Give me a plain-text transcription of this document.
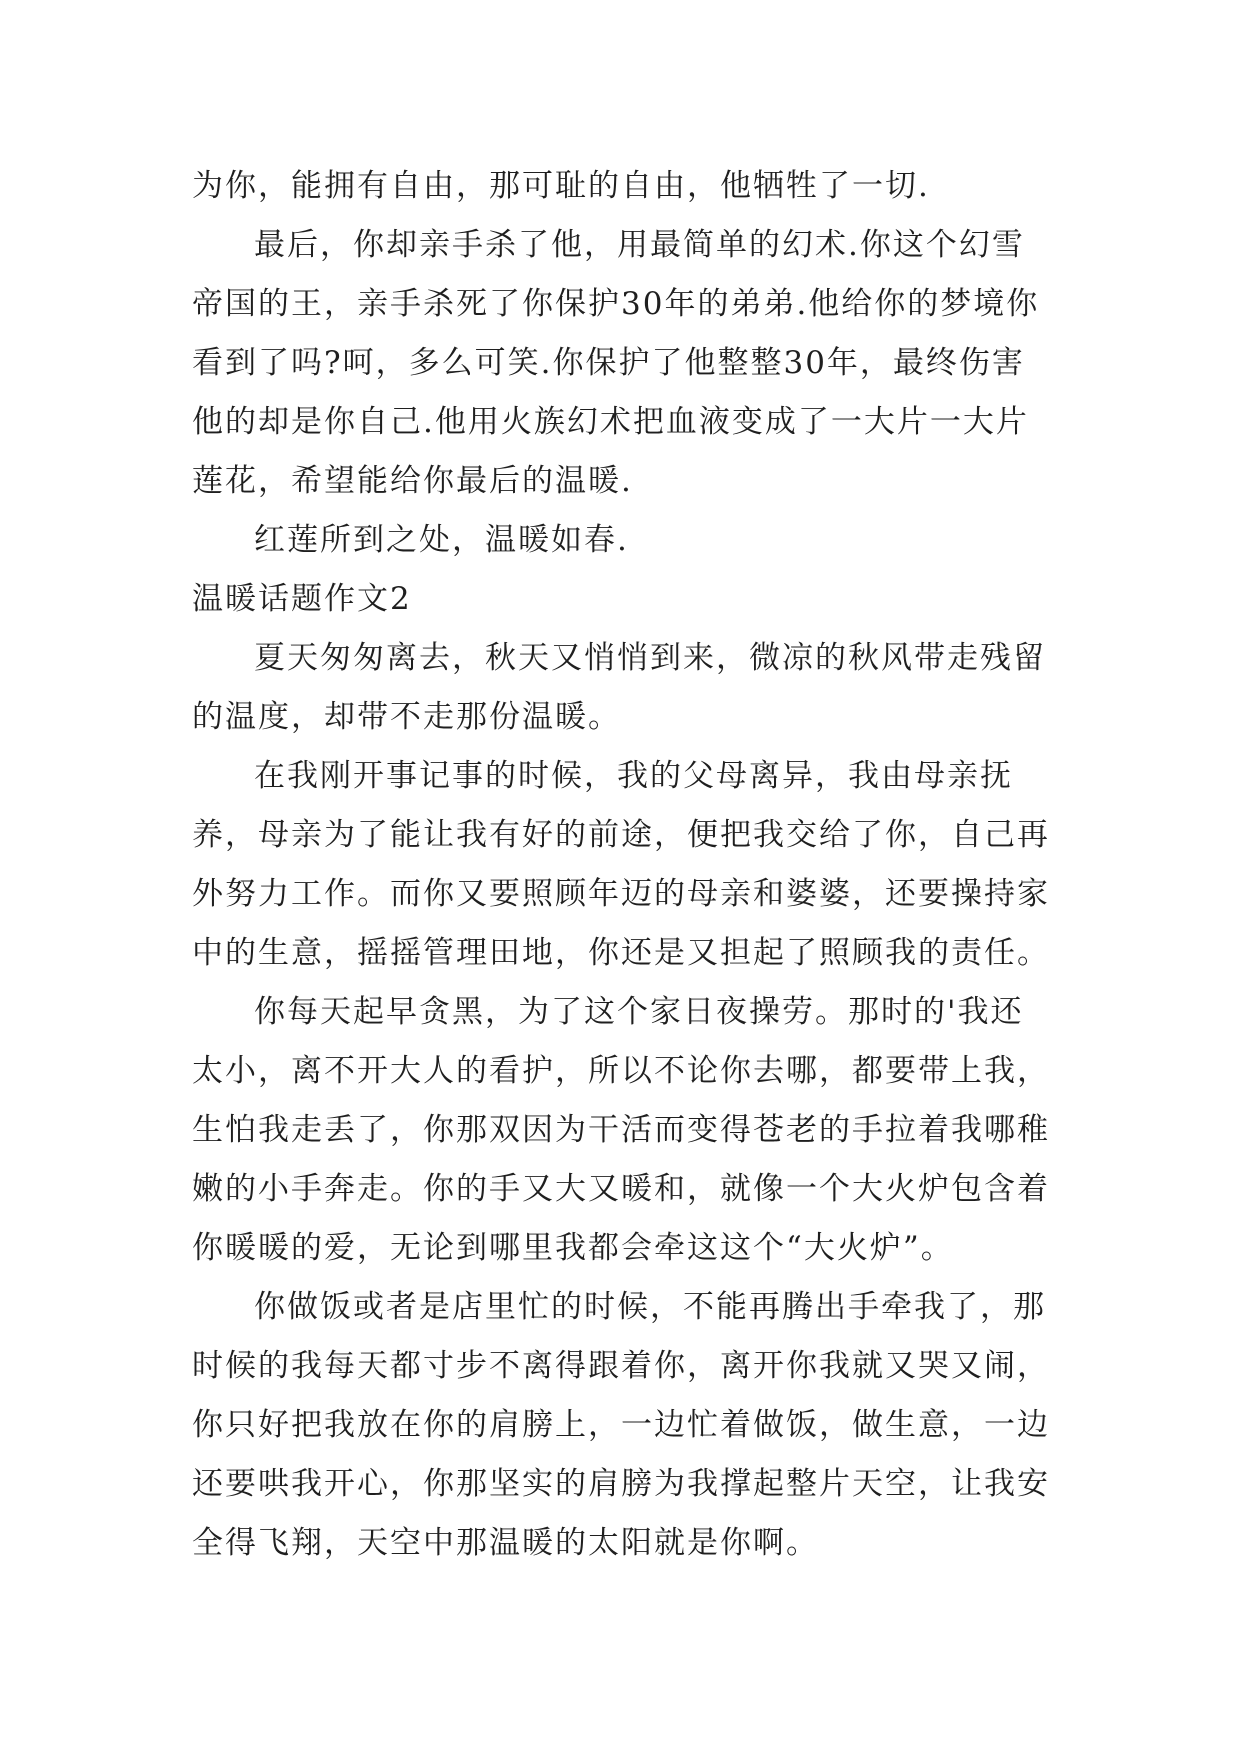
为你，能拥有自由，那可耻的自由，他牺牲了一切.

最后，你却亲手杀了他，用最简单的幻术.你这个幻雪帝国的王，亲手杀死了你保护30年的弟弟.他给你的梦境你看到了吗?呵，多么可笑.你保护了他整整30年，最终伤害他的却是你自己.他用火族幻术把血液变成了一大片一大片莲花，希望能给你最后的温暖.

红莲所到之处，温暖如春.

温暖话题作文2

夏天匆匆离去，秋天又悄悄到来，微凉的秋风带走残留的温度，却带不走那份温暖。

在我刚开事记事的时候，我的父母离异，我由母亲抚养，母亲为了能让我有好的前途，便把我交给了你，自己再外努力工作。而你又要照顾年迈的母亲和婆婆，还要操持家中的生意，摇摇管理田地，你还是又担起了照顾我的责任。

你每天起早贪黑，为了这个家日夜操劳。那时的'我还太小，离不开大人的看护，所以不论你去哪，都要带上我，生怕我走丢了，你那双因为干活而变得苍老的手拉着我哪稚嫩的小手奔走。你的手又大又暖和，就像一个大火炉包含着你暖暖的爱，无论到哪里我都会牵这这个“大火炉”。

你做饭或者是店里忙的时候，不能再腾出手牵我了，那时候的我每天都寸步不离得跟着你，离开你我就又哭又闹，你只好把我放在你的肩膀上，一边忙着做饭，做生意，一边还要哄我开心，你那坚实的肩膀为我撑起整片天空，让我安全得飞翔，天空中那温暖的太阳就是你啊。
